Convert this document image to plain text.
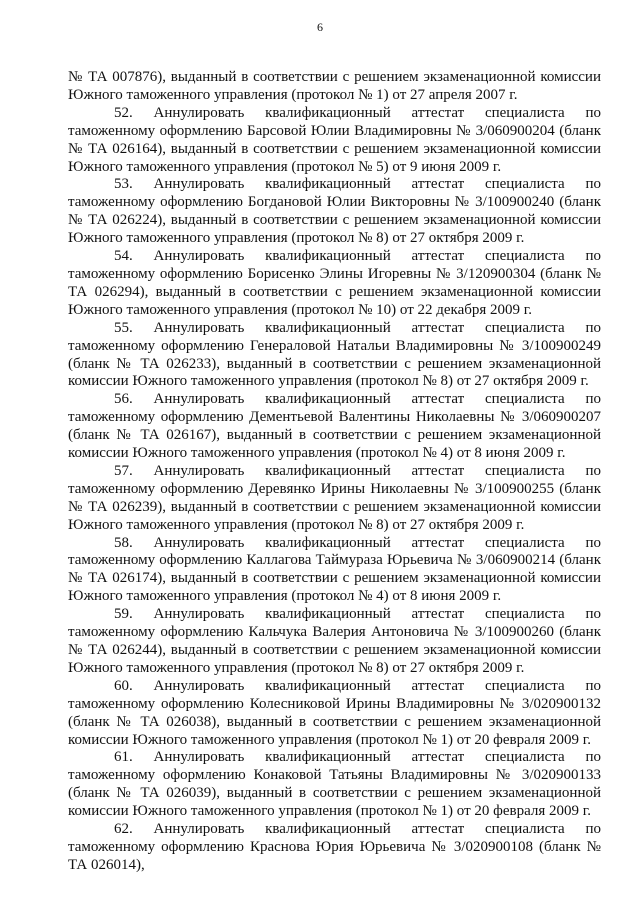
6

№ ТА 007876), выданный в соответствии с решением экзаменационной комиссии Южного таможенного управления (протокол № 1) от 27 апреля 2007 г.

52. Аннулировать квалификационный аттестат специалиста по таможенному оформлению Барсовой Юлии Владимировны № 3/060900204 (бланк № ТА 026164), выданный в соответствии с решением экзаменационной комиссии Южного таможенного управления (протокол № 5) от 9 июня 2009 г.

53. Аннулировать квалификационный аттестат специалиста по таможенному оформлению Богдановой Юлии Викторовны № 3/100900240 (бланк № ТА 026224), выданный в соответствии с решением экзаменационной комиссии Южного таможенного управления (протокол № 8) от 27 октября 2009 г.

54. Аннулировать квалификационный аттестат специалиста по таможенному оформлению Борисенко Элины Игоревны № 3/120900304 (бланк № ТА 026294), выданный в соответствии с решением экзаменационной комиссии Южного таможенного управления (протокол № 10) от 22 декабря 2009 г.

55. Аннулировать квалификационный аттестат специалиста по таможенному оформлению Генераловой Натальи Владимировны № 3/100900249 (бланк № ТА 026233), выданный в соответствии с решением экзаменационной комиссии Южного таможенного управления (протокол № 8) от 27 октября 2009 г.

56. Аннулировать квалификационный аттестат специалиста по таможенному оформлению Дементьевой Валентины Николаевны № 3/060900207 (бланк № ТА 026167), выданный в соответствии с решением экзаменационной комиссии Южного таможенного управления (протокол № 4) от 8 июня 2009 г.

57. Аннулировать квалификационный аттестат специалиста по таможенному оформлению Деревянко Ирины Николаевны № 3/100900255 (бланк № ТА 026239), выданный в соответствии с решением экзаменационной комиссии Южного таможенного управления (протокол № 8) от 27 октября 2009 г.

58. Аннулировать квалификационный аттестат специалиста по таможенному оформлению Каллагова Таймураза Юрьевича № 3/060900214 (бланк № ТА 026174), выданный в соответствии с решением экзаменационной комиссии Южного таможенного управления (протокол № 4) от 8 июня 2009 г.

59. Аннулировать квалификационный аттестат специалиста по таможенному оформлению Кальчука Валерия Антоновича № 3/100900260 (бланк № ТА 026244), выданный в соответствии с решением экзаменационной комиссии Южного таможенного управления (протокол № 8) от 27 октября 2009 г.

60. Аннулировать квалификационный аттестат специалиста по таможенному оформлению Колесниковой Ирины Владимировны № 3/020900132 (бланк № ТА 026038), выданный в соответствии с решением экзаменационной комиссии Южного таможенного управления (протокол № 1) от 20 февраля 2009 г.

61. Аннулировать квалификационный аттестат специалиста по таможенному оформлению Конаковой Татьяны Владимировны № 3/020900133 (бланк № ТА 026039), выданный в соответствии с решением экзаменационной комиссии Южного таможенного управления (протокол № 1) от 20 февраля 2009 г.

62. Аннулировать квалификационный аттестат специалиста по таможенному оформлению Краснова Юрия Юрьевича № 3/020900108 (бланк № ТА 026014),
